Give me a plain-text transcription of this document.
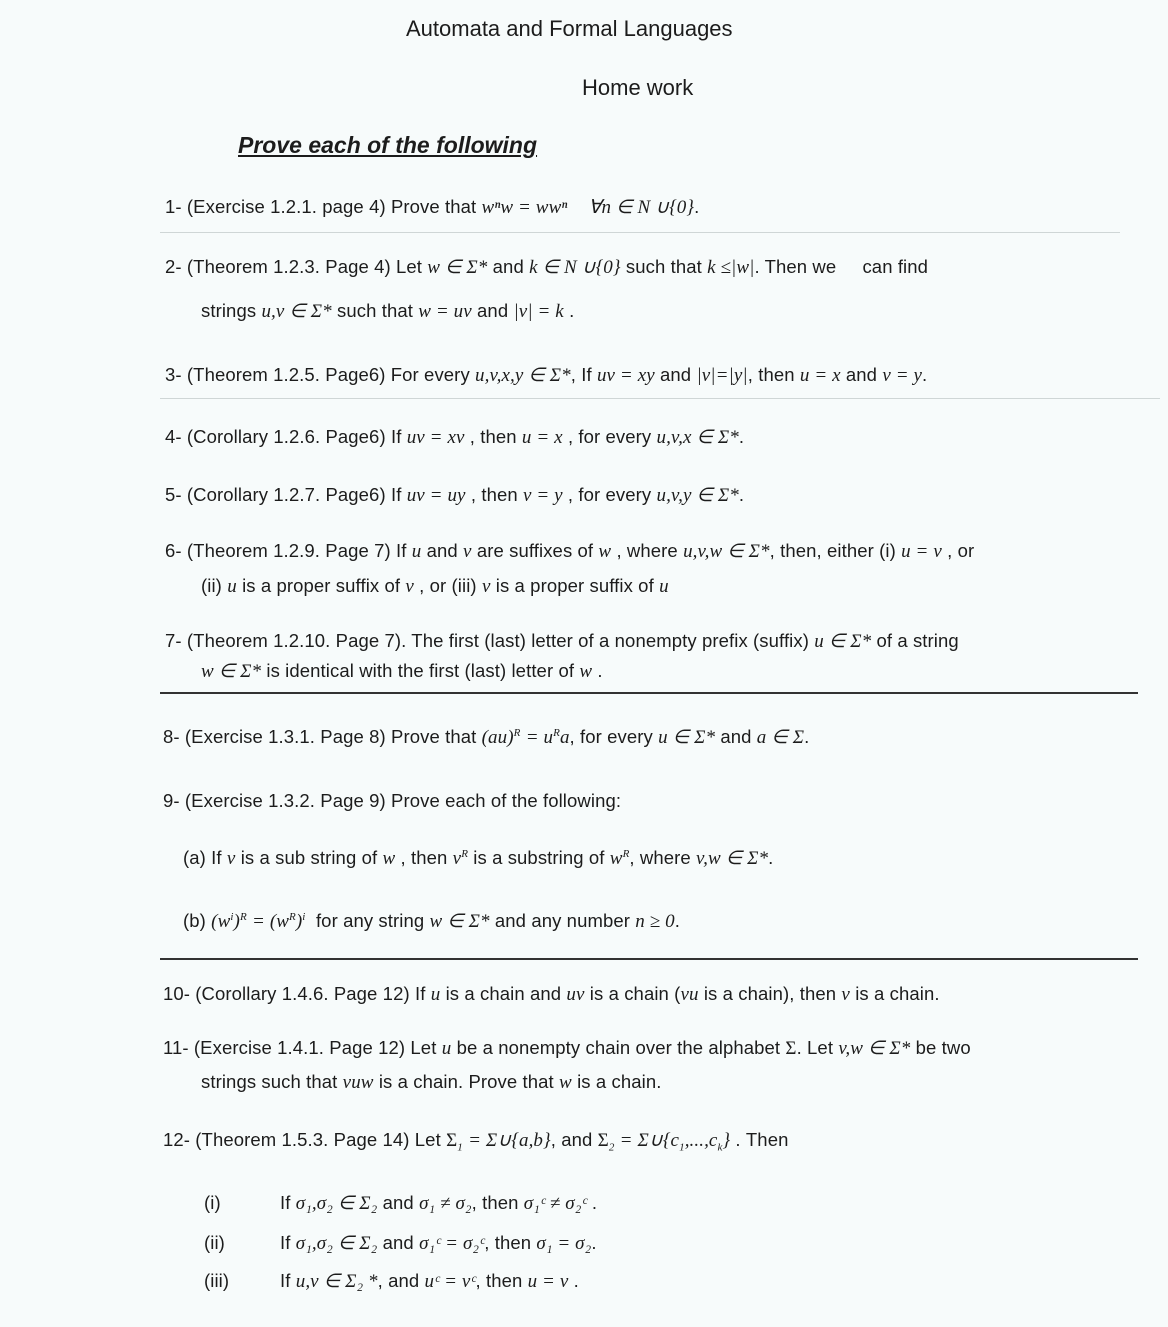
Automata and Formal Languages
Home work
Prove each of the following
1- (Exercise 1.2.1. page 4) Prove that wⁿw = wwⁿ ∀n ∈ N ∪{0}.
2- (Theorem 1.2.3. Page 4) Let w ∈ Σ* and k ∈ N ∪{0} such that k ≤|w|. Then we can find
strings u,v ∈ Σ* such that w = uv and |v| = k .
3- (Theorem 1.2.5. Page6) For every u,v,x,y ∈ Σ*, If uv = xy and |v|=|y|, then u = x and v = y.
4- (Corollary 1.2.6. Page6) If uv = xv , then u = x , for every u,v,x ∈ Σ*.
5- (Corollary 1.2.7. Page6) If uv = uy , then v = y , for every u,v,y ∈ Σ*.
6- (Theorem 1.2.9. Page 7) If u and v are suffixes of w , where u,v,w ∈ Σ*, then, either (i) u = v , or
(ii) u is a proper suffix of v , or (iii) v is a proper suffix of u
7- (Theorem 1.2.10. Page 7). The first (last) letter of a nonempty prefix (suffix) u ∈ Σ* of a string
w ∈ Σ* is identical with the first (last) letter of w .
8- (Exercise 1.3.1. Page 8) Prove that $(au)^R = u^Ra$, for every u ∈ Σ* and a ∈ Σ.
9- (Exercise 1.3.2. Page 9) Prove each of the following:
(a) If v is a sub string of w , then $v^R$ is a substring of $w^R$, where v,w ∈ Σ*.
(b) $(w^i)^R = (w^R)^i$ for any string w ∈ Σ* and any number n ≥ 0.
10- (Corollary 1.4.6. Page 12) If u is a chain and uv is a chain (vu is a chain), then v is a chain.
11- (Exercise 1.4.1. Page 12) Let u be a nonempty chain over the alphabet Σ. Let v,w ∈ Σ* be two
strings such that vuw is a chain. Prove that w is a chain.
12- (Theorem 1.5.3. Page 14) Let $\Sigma_1$ = Σ∪{a,b}, and $\Sigma_2$ = $\Sigma\cup\{c_1,...,c_k\}$ . Then
(i)	If σ₁,σ₂ ∈ Σ₂ and σ₁ ≠ σ₂, then σ₁ᶜ ≠ σ₂ᶜ .
(ii)	If σ₁,σ₂ ∈ Σ₂ and σ₁ᶜ = σ₂ᶜ, then σ₁ = σ₂.
(iii)	If u,v ∈ Σ₂ *, and uᶜ = vᶜ, then u = v .
